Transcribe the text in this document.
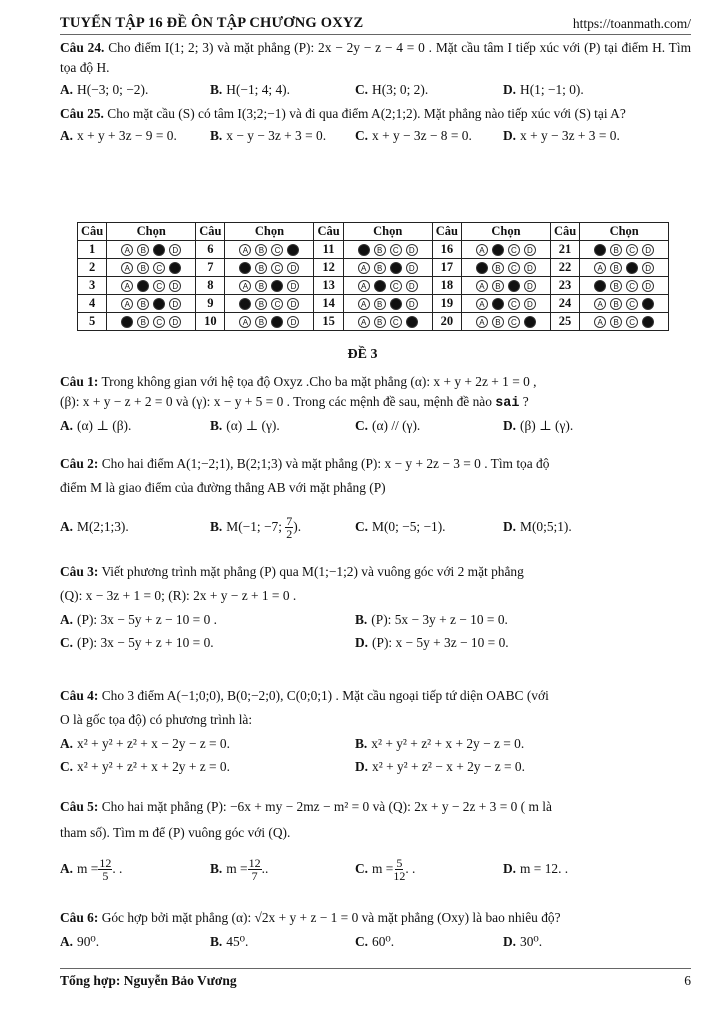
TUYỂN TẬP 16 ĐỀ ÔN TẬP CHƯƠNG OXYZ	https://toanmath.com/

Câu 24. Cho điểm I(1; 2; 3) và mặt phẳng (P): 2x − 2y − z − 4 = 0 . Mặt cầu tâm I tiếp xúc với (P) tại điểm H. Tìm tọa độ H.

A. H(−3; 0; −2).	B. H(−1; 4; 4).	C. H(3; 0; 2).	D. H(1; −1; 0).

Câu 25. Cho mặt cầu (S) có tâm I(3;2;−1) và đi qua điểm A(2;1;2). Mặt phẳng nào tiếp xúc với (S) tại A?

A. x + y + 3z − 9 = 0.	B. x − y − 3z + 3 = 0.	C. x + y − 3z − 8 = 0.	D. x + y − 3z + 3 = 0.
Câu	Chọn	Câu	Chọn	Câu	Chọn	Câu	Chọn	Câu	Chọn
1	A B C D	6	A B C D	11	A B C D	16	A B C D	21	A B C D
2	A B C D	7	A B C D	12	A B C D	17	A B C D	22	A B C D
3	A B C D	8	A B C D	13	A B C D	18	A B C D	23	A B C D
4	A B C D	9	A B C D	14	A B C D	19	A B C D	24	A B C D
5	A B C D	10	A B C D	15	A B C D	20	A B C D	25	A B C D
ĐỀ 3

Câu 1: Trong không gian với hệ tọa độ Oxyz .Cho ba mặt phẳng (α): x + y + 2z + 1 = 0 ,

(β): x + y − z + 2 = 0 và (γ): x − y + 5 = 0 . Trong các mệnh đề sau, mệnh đề nào sai ?

A. (α) ⊥ (β).	B. (α) ⊥ (γ).	C. (α) // (γ).	D. (β) ⊥ (γ).

Câu 2: Cho hai điểm A(1;−2;1), B(2;1;3) và mặt phẳng (P): x − y + 2z − 3 = 0 . Tìm tọa độ

điểm M là giao điểm của đường thẳng AB với mặt phẳng (P)

A. M(2;1;3).	B. M(−1; −7; $\frac{7}{2}$ ).	C. M(0; −5; −1).	D. M(0;5;1).

Câu 3: Viết phương trình mặt phẳng (P) qua M(1;−1;2) và vuông góc với 2 mặt phẳng

(Q): x − 3z + 1 = 0; (R): 2x + y − z + 1 = 0 .

A. (P): 3x − 5y + z − 10 = 0 .	B. (P): 5x − 3y + z − 10 = 0.
C. (P): 3x − 5y + z + 10 = 0.	D. (P): x − 5y + 3z − 10 = 0.

Câu 4: Cho 3 điểm A(−1;0;0), B(0;−2;0), C(0;0;1) . Mặt cầu ngoại tiếp tứ diện OABC (với

O là gốc tọa độ) có phương trình là:

A. x² + y² + z² + x − 2y − z = 0.	B. x² + y² + z² + x + 2y − z = 0.
C. x² + y² + z² + x + 2y + z = 0.	D. x² + y² + z² − x + 2y − z = 0.

Câu 5: Cho hai mặt phẳng (P): −6x + my − 2mz − m² = 0 và (Q): 2x + y − 2z + 3 = 0 ( m là

tham số). Tìm m để (P) vuông góc với (Q).

A. $m = \frac{12}{5}$ . .	B. $m = \frac{12}{7}$ ..	C. $m = \frac{5}{12}$ . .	D. m = 12. .

Câu 6: Góc hợp bởi mặt phẳng (α): √2x + y + z − 1 = 0 và mặt phẳng (Oxy) là bao nhiêu độ?

A. 90⁰.	B. 45⁰.	C. 60⁰.	D. 30⁰.
Tổng hợp: Nguyễn Bảo Vương	6
